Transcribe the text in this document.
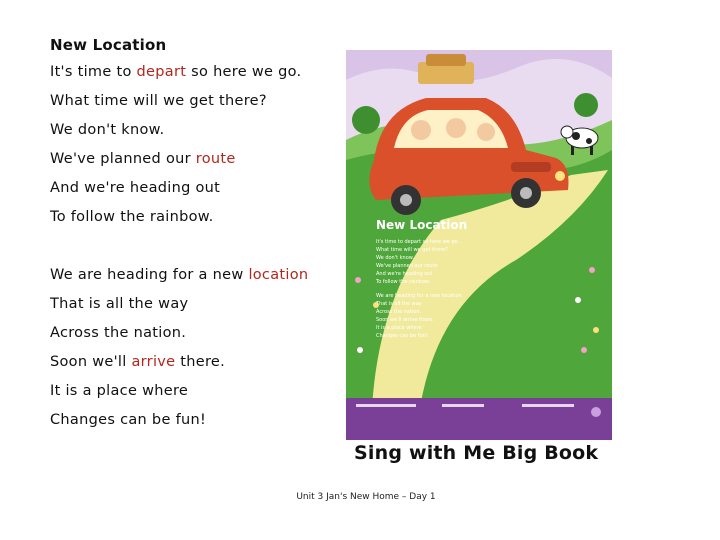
New Location
It's time to depart so here we go.
What time will we get there?
We don't know.
We've planned our route
And we're heading out
To follow the rainbow.
We are heading for a new location
That is all the way
Across the nation.
Soon we'll arrive there.
It is a place where
Changes can be fun!
New Location
It's time to depart so here we go.
What time will we get there?
We don't know.
We've planned our route
And we're heading out
To follow the rainbow.
We are heading for a new location
That is all the way
Across the nation.
Soon we'll arrive there.
It is a place where
Changes can be fun!
Sing with Me Big Book
Unit 3 Jan's New Home – Day 1
